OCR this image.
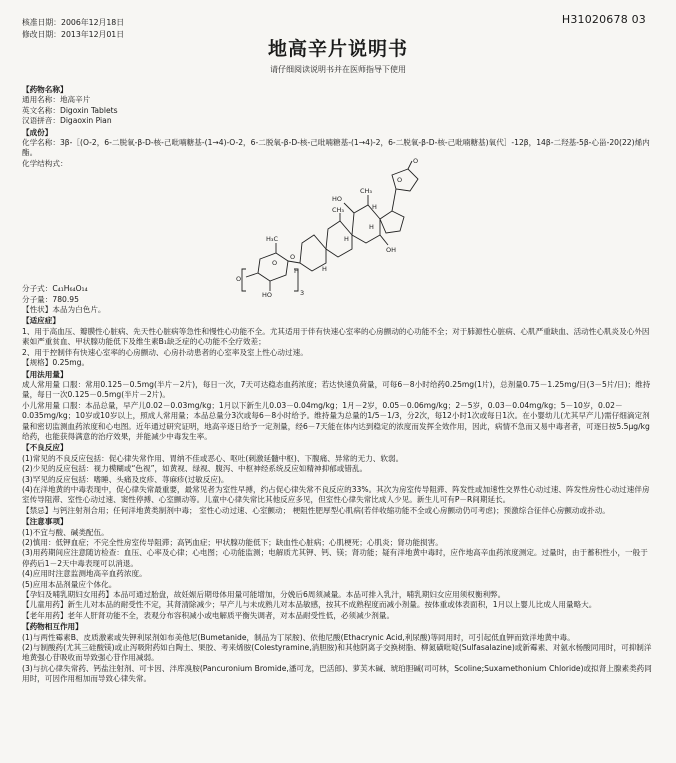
核准日期：2006年12月18日

修改日期：2013年12月01日

H31020678 03
地高辛片说明书
请仔细阅读说明书并在医师指导下使用

【药物名称】

通用名称：地高辛片

英文名称：Digoxin Tablets

汉语拼音：Digaoxin Pian

【成份】

化学名称：3β-［(O-2，6-二脱氧-β-D-核-己吡喃糖基-(1→4)-O-2，6-二脱氧-β-D-核-己吡喃糖基-(1→4)-2，6-二脱氧-β-D-核-己吡喃糖基)氧代］-12β，14β-二羟基-5β-心甾-20(22)烯内酯。

化学结构式：

O
O
HO
H
CH₃
CH₃
H
H
H
OH
H
O
H₃C
HO
O
O
3

分子式：C₄₁H₆₄O₁₄

分子量：780.95

【性状】本品为白色片。

【适应症】

1、用于高血压、瓣膜性心脏病、先天性心脏病等急性和慢性心功能不全。尤其适用于伴有快速心室率的心房颤动的心功能不全；对于肺源性心脏病、心肌严重缺血、活动性心肌炎及心外因素如严重贫血、甲状腺功能低下及维生素B₁缺乏症的心功能不全疗效差；

2、用于控制伴有快速心室率的心房颤动、心房扑动患者的心室率及室上性心动过速。

【规格】0.25mg。

【用法用量】

成人常用量 口服：常用0.125－0.5mg(半片－2片)，每日一次，7天可达稳态血药浓度；若达快速负荷量，可每6－8小时给药0.25mg(1片)，总剂量0.75－1.25mg/日(3－5片/日)；维持量，每日一次0.125－0.5mg(半片－2片)。

小儿常用量 口服：本品总量，早产儿0.02－0.03mg/kg；1月以下新生儿0.03－0.04mg/kg；1月－2岁，0.05－0.06mg/kg；2－5岁，0.03－0.04mg/kg；5－10岁，0.02－0.035mg/kg；10岁或10岁以上，照成人常用量；本品总量分3次或每6－8小时给予。维持量为总量的1/5－1/3，分2次，每12小时1次或每日1次。在小婴幼儿(尤其早产儿)需仔细滴定剂量和密切监测血药浓度和心电图。近年通过研究证明，地高辛逐日给予一定剂量，经6－7天能在体内达到稳定的浓度而发挥全效作用，因此，病情不急而又易中毒者者，可逐日按5.5μg/kg给药，也能获得满意的治疗效果，并能减少中毒发生率。

【不良反应】

(1)常见的不良反应包括：促心律失常作用、胃纳不佳或恶心、呕吐(刺激延髓中枢)、下腹痛、异常的无力、软弱。

(2)少见的反应包括：视力模糊或“色视”，如黄视、绿视、腹泻、中枢神经系统反应如精神抑郁或错乱。

(3)罕见的反应包括：嗜睡、头痛及皮疹、荨麻疹(过敏反应)。

(4)在洋地黄的中毒表现中，促心律失常最重要，最常见者为室性早搏，约占促心律失常不良反应的33%。其次为房室传导阻滞、阵发性或加速性交界性心动过速、阵发性房性心动过速伴房室传导阻滞、室性心动过速、窦性停搏、心室颤动等。儿童中心律失常比其他反应多见，但室性心律失常比成人少见。新生儿可有P－R间期延长。

【禁忌】与钙注射剂合用；任何洋地黄类制剂中毒； 室性心动过速、心室颤动； 梗阻性肥厚型心肌病(若伴收缩功能不全或心房颤动仍可考虑)；预激综合征伴心房颤动或扑动。

【注意事项】

(1)不宜与酸、碱类配伍。

(2)慎用：低钾血症；不完全性房室传导阻滞；高钙血症；甲状腺功能低下；缺血性心脏病；心肌梗死；心肌炎；肾功能损害。

(3)用药期间应注意随访检查：血压、心率及心律；心电图；心功能监测；电解质尤其钾、钙、镁；肾功能；疑有洋地黄中毒时，应作地高辛血药浓度测定。过量时，由于蓄积性小，一般于停药后1－2天中毒表现可以消退。

(4)应用时注意监测地高辛血药浓度。

(5)应用本品剂量应个体化。

【孕妇及哺乳期妇女用药】本品可通过胎盘，故妊娠后期母体用量可能增加，分娩后6周须减量。本品可排入乳汁，哺乳期妇女应用须权衡利弊。

【儿童用药】新生儿对本品的耐受性不定，其肾清除减少；早产儿与未成熟儿对本品敏感，按其不成熟程度而减小剂量。按体重或体表面积，1月以上婴儿比成人用量略大。

【老年用药】老年人肝肾功能不全，表观分布容积减小或电解质平衡失调者，对本品耐受性低，必须减少剂量。

【药物相互作用】

(1)与两性霉素B、皮质激素或失钾利尿剂如布美他尼(Bumetanide，制品为丁尿胺)、依他尼酸(Ethacrynic Acid,利尿酸)等同用时，可引起低血钾而致洋地黄中毒。

(2)与制酸药(尤其三硅酸镁)或止泻吸附药如白陶土、果胶、考来烯胺(Colestyramine,消胆胺)和其他阴离子交换树脂、柳氮磺吡啶(Sulfasalazine)或新霉素、对氨水杨酸同用时，可抑制洋地黄强心苷吸收而导致强心苷作用减弱。

(3)与抗心律失常药、钙盐注射剂、可卡因、泮库溴胺(Pancuronium Bromide,潘可龙，巴活郎)、萝芙木碱、琥珀胆碱(司可林，Scoline;Suxamethonium Chloride)或拟肾上腺素类药同用时，可因作用相加而导致心律失常。
